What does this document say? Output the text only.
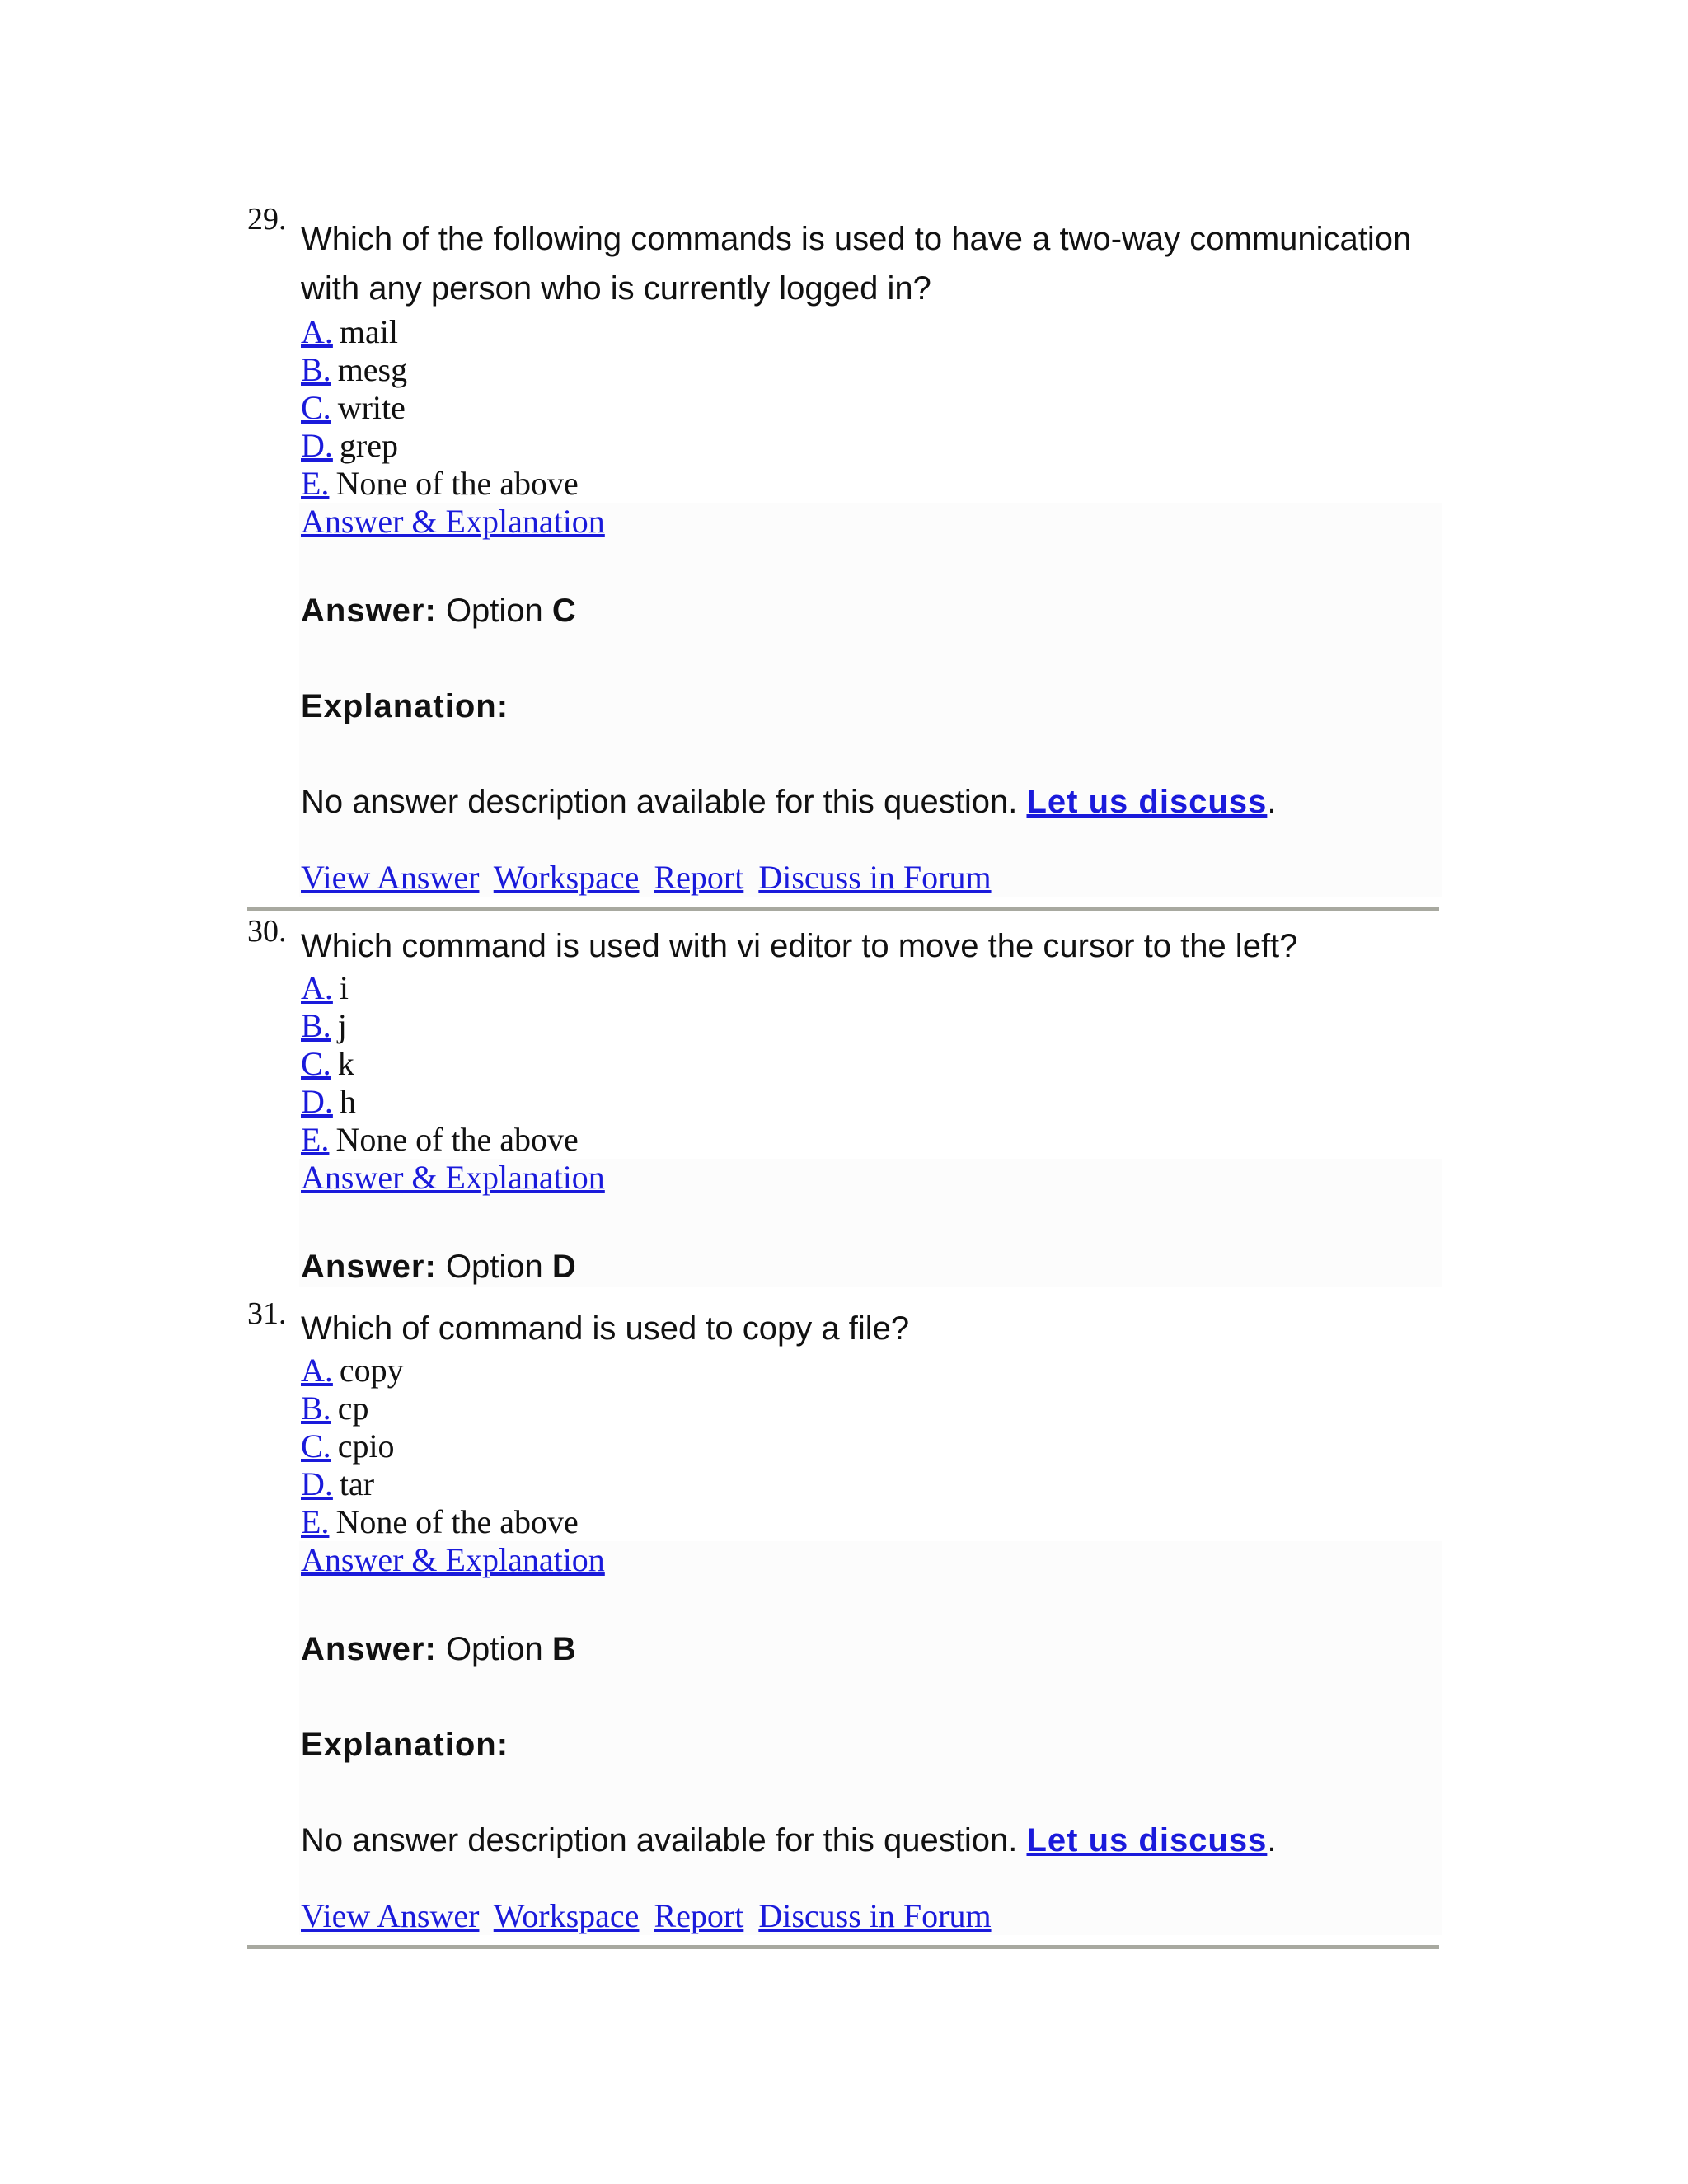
29.
Which of the following commands is used to have a two-way communication
with any person who is currently logged in?
A. mail
B. mesg
C. write
D. grep
E. None of the above
Answer & Explanation
Answer: Option C
Explanation:
No answer description available for this question. Let us discuss.
View Answer Workspace Report Discuss in Forum
30. Which command is used with vi editor to move the cursor to the left?
A. i
B. j
C. k
D. h
E. None of the above
Answer & Explanation
Answer: Option D
31. Which of command is used to copy a file?
A. copy
B. cp
C. cpio
D. tar
E. None of the above
Answer & Explanation
Answer: Option B
Explanation:
No answer description available for this question. Let us discuss.
View Answer Workspace Report Discuss in Forum
